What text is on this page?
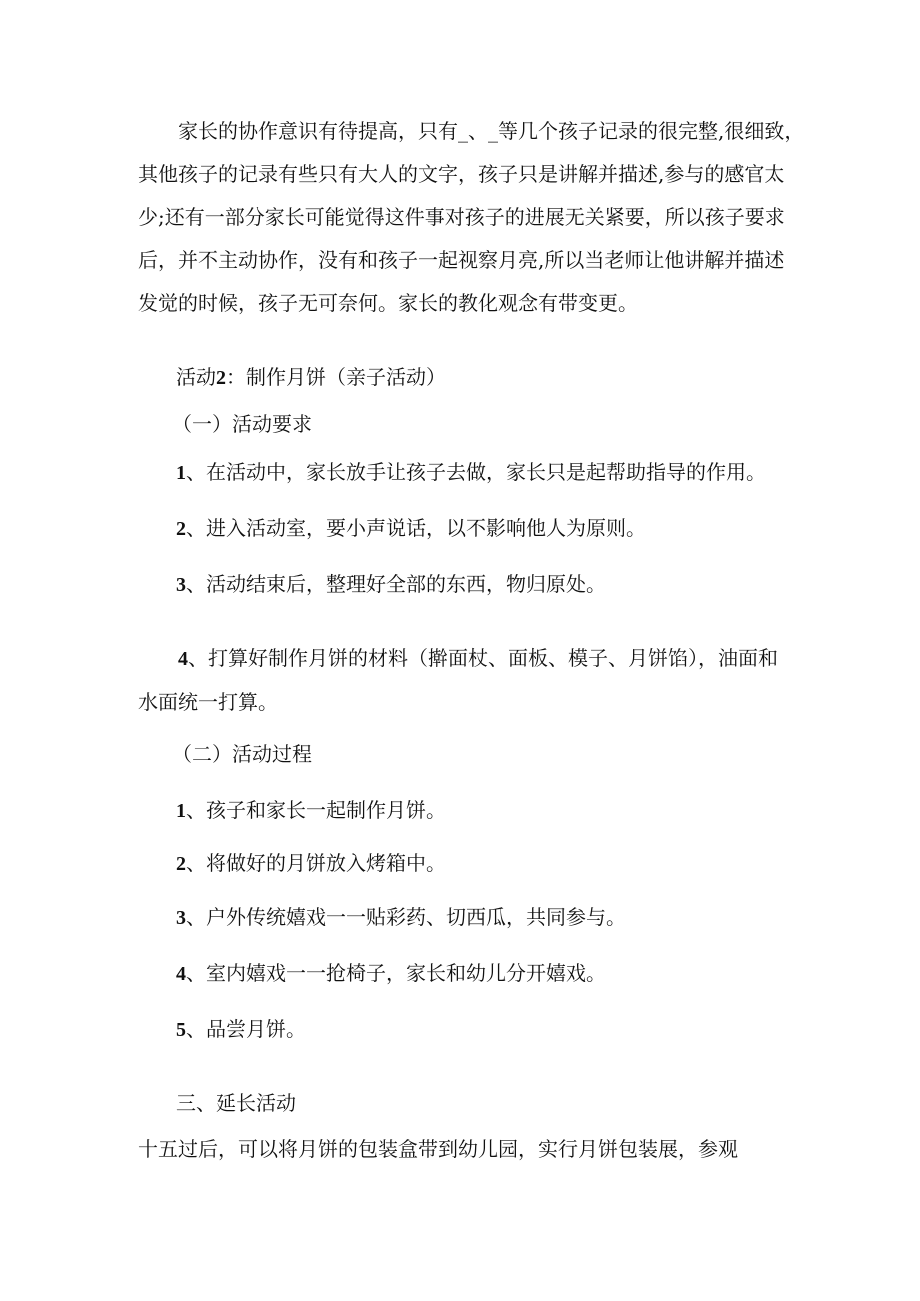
家长的协作意识有待提高，只有_、_等几个孩子记录的很完整,很细致，
其他孩子的记录有些只有大人的文字，孩子只是讲解并描述,参与的感官太
少;还有一部分家长可能觉得这件事对孩子的进展无关紧要，所以孩子要求
后，并不主动协作，没有和孩子一起视察月亮,所以当老师让他讲解并描述
发觉的时候，孩子无可奈何。家长的教化观念有带变更。
活动2：制作月饼（亲子活动）
（一）活动要求
1、在活动中，家长放手让孩子去做，家长只是起帮助指导的作用。
2、进入活动室，要小声说话，以不影响他人为原则。
3、活动结束后，整理好全部的东西，物归原处。
4、打算好制作月饼的材料（擀面杖、面板、模子、月饼馅），油面和
水面统一打算。
（二）活动过程
1、孩子和家长一起制作月饼。
2、将做好的月饼放入烤箱中。
3、户外传统嬉戏一一贴彩药、切西瓜，共同参与。
4、室内嬉戏一一抢椅子，家长和幼儿分开嬉戏。
5、品尝月饼。
三、延长活动
十五过后，可以将月饼的包装盒带到幼儿园，实行月饼包装展，参观
